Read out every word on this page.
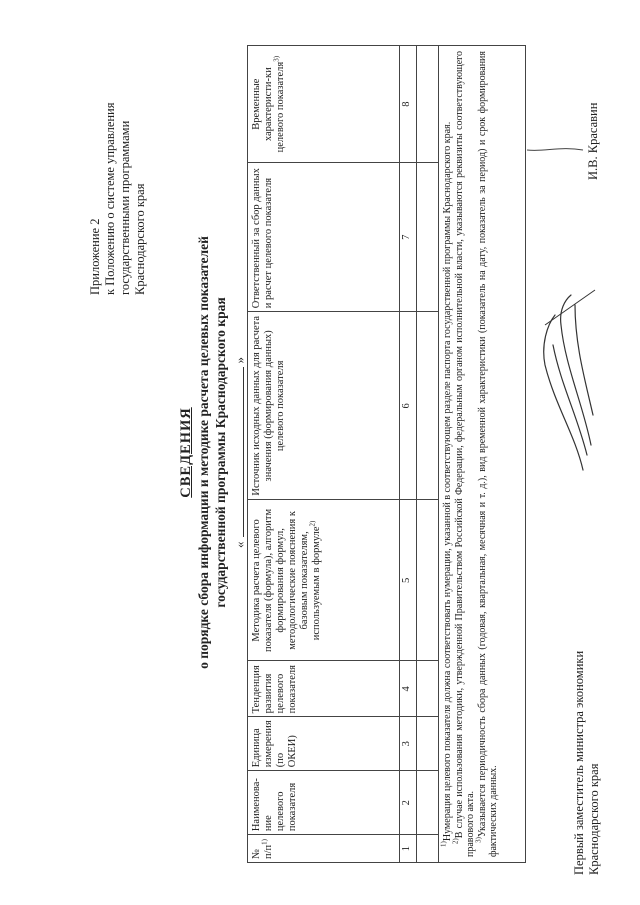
Приложение 2 к Положению о системе управления государственными программами Краснодарского края
СВЕДЕНИЯ о порядке сбора информации и методике расчета целевых показателей государственной программы Краснодарского края «»
№ $п/п^{1)}$	Наименова-ние целевого показателя	Единица измерения (по ОКЕИ)	Тенденция развития целевого показателя	Методика расчета целевого показателя (формула), алгоритм формирования формул, методологические пояснения к базовым показателям, используемым в формуле$^{2)}$	Источник исходных данных для расчета значения (формирования данных) целевого показателя	Ответственный за сбор данных и расчет целевого показателя	Временные характеристи-ки целевого показателя$^{3)}$
1	2	3	4	5	6	7	8

$^{1)}$Нумерация целевого показателя должна соответствовать нумерации, указанной в соответствующем разделе паспорта государственной программы Краснодарского края.
$^{2)}$В случае использования методики, утвержденной Правительством Российской Федерации, федеральным органом исполнительной власти, указываются реквизиты соответствующего правового акта.
$^{3)}$Указывается периодичность сбора данных (годовая, квартальная, месячная и т. д.), вид временной характеристики (показатель на дату, показатель за период) и срок формирования фактических данных.								Первый заместитель министра экономики Краснодарского края
И.В. Красавин
